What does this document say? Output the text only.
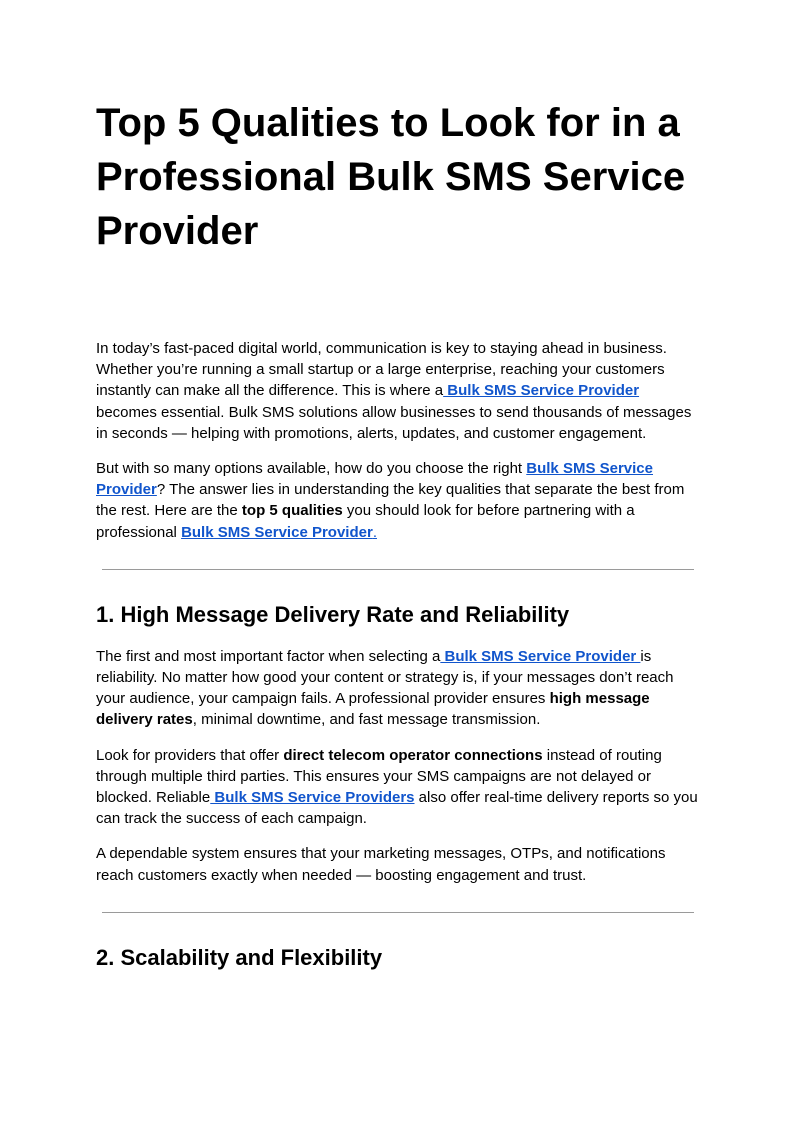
Top 5 Qualities to Look for in a Professional Bulk SMS Service Provider

In today’s fast-paced digital world, communication is key to staying ahead in business. Whether you’re running a small startup or a large enterprise, reaching your customers instantly can make all the difference. This is where a Bulk SMS Service Provider becomes essential. Bulk SMS solutions allow businesses to send thousands of messages in seconds — helping with promotions, alerts, updates, and customer engagement.

But with so many options available, how do you choose the right Bulk SMS Service Provider? The answer lies in understanding the key qualities that separate the best from the rest. Here are the top 5 qualities you should look for before partnering with a professional Bulk SMS Service Provider.

1. High Message Delivery Rate and Reliability

The first and most important factor when selecting a Bulk SMS Service Provider is reliability. No matter how good your content or strategy is, if your messages don’t reach your audience, your campaign fails. A professional provider ensures high message delivery rates, minimal downtime, and fast message transmission.

Look for providers that offer direct telecom operator connections instead of routing through multiple third parties. This ensures your SMS campaigns are not delayed or blocked. Reliable Bulk SMS Service Providers also offer real-time delivery reports so you can track the success of each campaign.

A dependable system ensures that your marketing messages, OTPs, and notifications reach customers exactly when needed — boosting engagement and trust.

2. Scalability and Flexibility
